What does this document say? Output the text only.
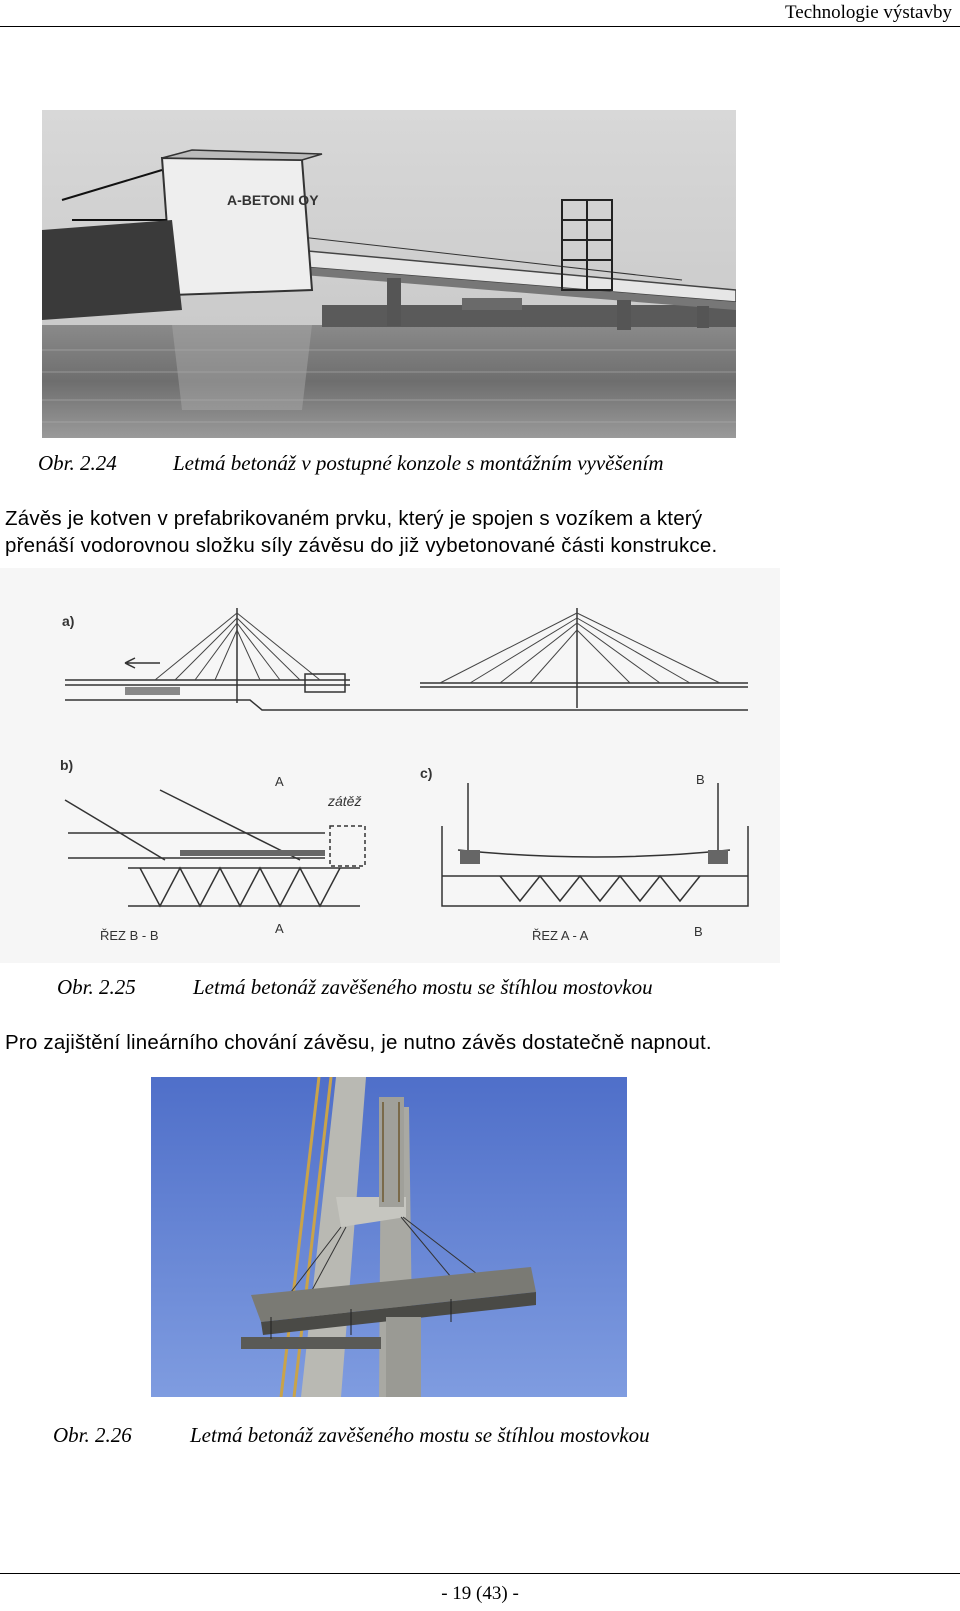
Technologie výstavby
A-BETONI OY
Obr. 2.24	Letmá betonáž v postupné konzole s montážním vyvěšením
Závěs je kotven v prefabrikovaném prvku, který je spojen s vozíkem a který
přenáší vodorovnou složku síly závěsu do již vybetonované části konstrukce.
a)
b)
A
zátěž
ŘEZ B - B	A
c)	B
ŘEZ A - A	B
Obr. 2.25	Letmá betonáž zavěšeného mostu se štíhlou mostovkou
Pro zajištění lineárního chování závěsu, je nutno závěs dostatečně napnout.
Obr. 2.26	Letmá betonáž zavěšeného mostu se štíhlou mostovkou
- 19 (43) -
